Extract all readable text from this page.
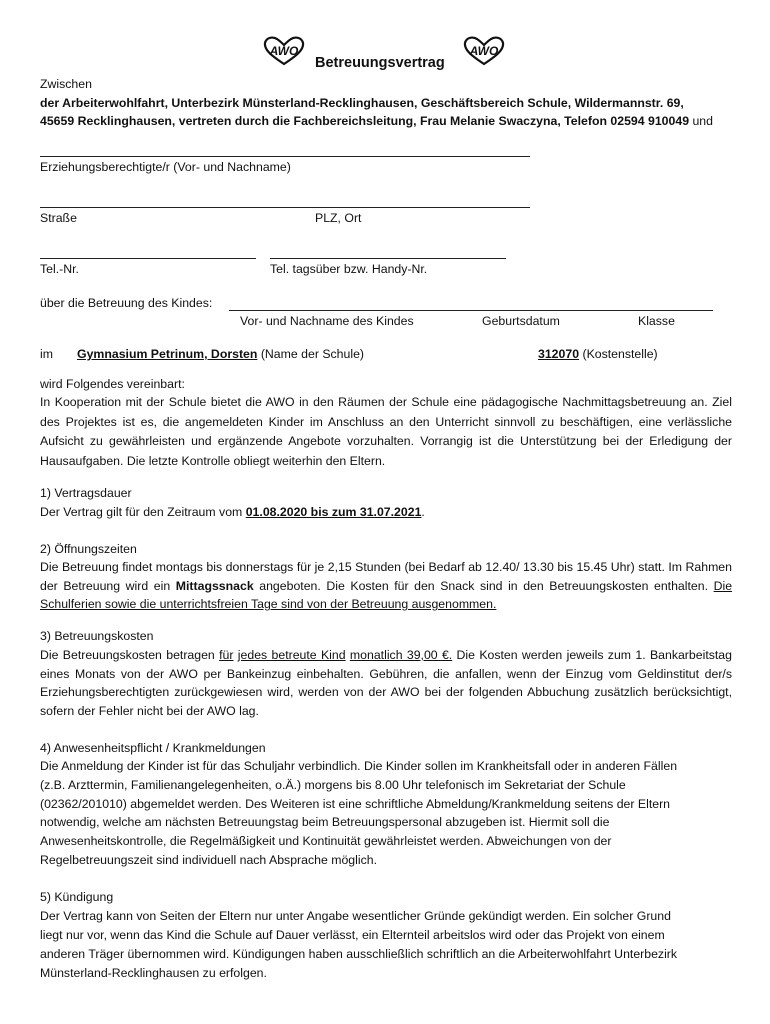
AWO
Betreuungsvertrag
AWO
Zwischen
der Arbeiterwohlfahrt, Unterbezirk Münsterland-Recklinghausen, Geschäftsbereich Schule, Wildermannstr. 69,
45659 Recklinghausen, vertreten durch die Fachbereichsleitung, Frau Melanie Swaczyna, Telefon 02594 910049 und
Erziehungsberechtigte/r (Vor- und Nachname)
Straße	PLZ, Ort
Tel.-Nr.	Tel. tagsüber bzw. Handy-Nr.
über die Betreuung des Kindes:
Vor- und Nachname des Kindes	Geburtsdatum	Klasse
im Gymnasium Petrinum, Dorsten (Name der Schule)	312070 (Kostenstelle)
wird Folgendes vereinbart:

In Kooperation mit der Schule bietet die AWO in den Räumen der Schule eine pädagogische Nachmittagsbetreuung an. Ziel des Projektes ist es, die angemeldeten Kinder im Anschluss an den Unterricht sinnvoll zu beschäftigen, eine verlässliche Aufsicht zu gewährleisten und ergänzende Angebote vorzuhalten. Vorrangig ist die Unterstützung bei der Erledigung der Hausaufgaben. Die letzte Kontrolle obliegt weiterhin den Eltern.

1) Vertragsdauer
Der Vertrag gilt für den Zeitraum vom 01.08.2020 bis zum 31.07.2021.
2) Öffnungszeiten

Die Betreuung findet montags bis donnerstags für je 2,15 Stunden (bei Bedarf ab 12.40/ 13.30 bis 15.45 Uhr) statt. Im Rahmen der Betreuung wird ein Mittagssnack angeboten. Die Kosten für den Snack sind in den Betreuungskosten enthalten. Die Schulferien sowie die unterrichtsfreien Tage sind von der Betreuung ausgenommen.

3) Betreuungskosten

Die Betreuungskosten betragen für jedes betreute Kind monatlich 39,00 €. Die Kosten werden jeweils zum 1. Bankarbeitstag eines Monats von der AWO per Bankeinzug einbehalten. Gebühren, die anfallen, wenn der Einzug vom Geldinstitut der/s Erziehungsberechtigten zurückgewiesen wird, werden von der AWO bei der folgenden Abbuchung zusätzlich berücksichtigt, sofern der Fehler nicht bei der AWO lag.

4) Anwesenheitspflicht / Krankmeldungen
Die Anmeldung der Kinder ist für das Schuljahr verbindlich. Die Kinder sollen im Krankheitsfall oder in anderen Fällen
(z.B. Arzttermin, Familienangelegenheiten, o.Ä.) morgens bis 8.00 Uhr telefonisch im Sekretariat der Schule
(02362/201010) abgemeldet werden. Des Weiteren ist eine schriftliche Abmeldung/Krankmeldung seitens der Eltern
notwendig, welche am nächsten Betreuungstag beim Betreuungspersonal abzugeben ist. Hiermit soll die
Anwesenheitskontrolle, die Regelmäßigkeit und Kontinuität gewährleistet werden. Abweichungen von der
Regelbetreuungszeit sind individuell nach Absprache möglich.
5) Kündigung
Der Vertrag kann von Seiten der Eltern nur unter Angabe wesentlicher Gründe gekündigt werden. Ein solcher Grund
liegt nur vor, wenn das Kind die Schule auf Dauer verlässt, ein Elternteil arbeitslos wird oder das Projekt von einem
anderen Träger übernommen wird. Kündigungen haben ausschließlich schriftlich an die Arbeiterwohlfahrt Unterbezirk
Münsterland-Recklinghausen zu erfolgen.
